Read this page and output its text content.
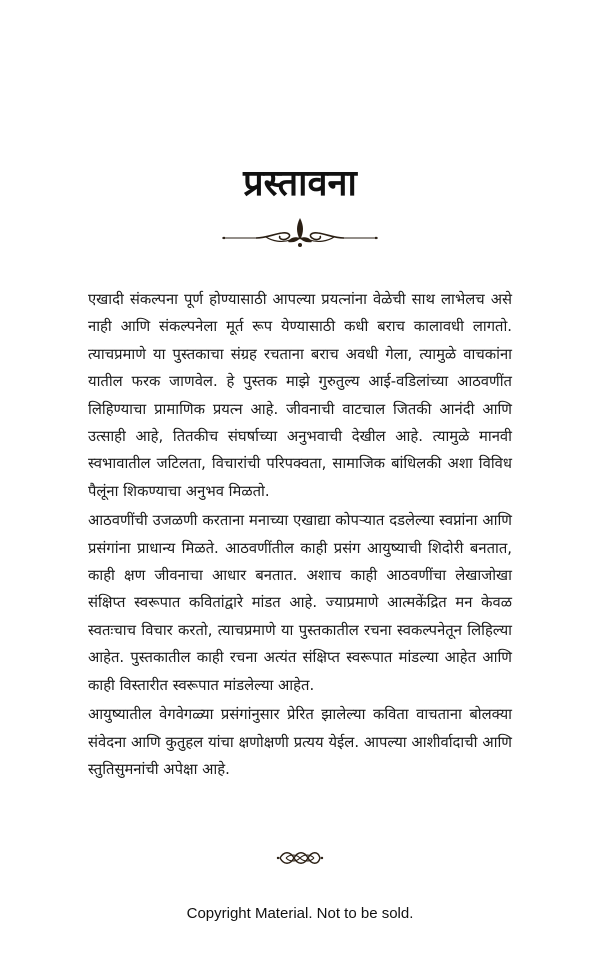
प्रस्तावना

एखादी संकल्पना पूर्ण होण्यासाठी आपल्या प्रयत्नांना वेळेची साथ लाभेलच असे नाही आणि संकल्पनेला मूर्त रूप येण्यासाठी कधी बराच कालावधी लागतो. त्याचप्रमाणे या पुस्तकाचा संग्रह रचताना बराच अवधी गेला, त्यामुळे वाचकांना यातील फरक जाणवेल. हे पुस्तक माझे गुरुतुल्य आई-वडिलांच्या आठवणींत लिहिण्याचा प्रामाणिक प्रयत्न आहे. जीवनाची वाटचाल जितकी आनंदी आणि उत्साही आहे, तितकीच संघर्षाच्या अनुभवाची देखील आहे. त्यामुळे मानवी स्वभावातील जटिलता, विचारांची परिपक्वता, सामाजिक बांधिलकी अशा विविध पैलूंना शिकण्याचा अनुभव मिळतो.

आठवणींची उजळणी करताना मनाच्या एखाद्या कोपऱ्यात दडलेल्या स्वप्नांना आणि प्रसंगांना प्राधान्य मिळते. आठवणींतील काही प्रसंग आयुष्याची शिदोरी बनतात, काही क्षण जीवनाचा आधार बनतात. अशाच काही आठवणींचा लेखाजोखा संक्षिप्त स्वरूपात कवितांद्वारे मांडत आहे. ज्याप्रमाणे आत्मकेंद्रित मन केवळ स्वतःचाच विचार करतो, त्याचप्रमाणे या पुस्तकातील रचना स्वकल्पनेतून लिहिल्या आहेत. पुस्तकातील काही रचना अत्यंत संक्षिप्त स्वरूपात मांडल्या आहेत आणि काही विस्तारीत स्वरूपात मांडलेल्या आहेत.

आयुष्यातील वेगवेगळ्या प्रसंगांनुसार प्रेरित झालेल्या कविता वाचताना बोलक्या संवेदना आणि कुतुहल यांचा क्षणोक्षणी प्रत्यय येईल. आपल्या आशीर्वादाची आणि स्तुतिसुमनांची अपेक्षा आहे.

Copyright Material. Not to be sold.
